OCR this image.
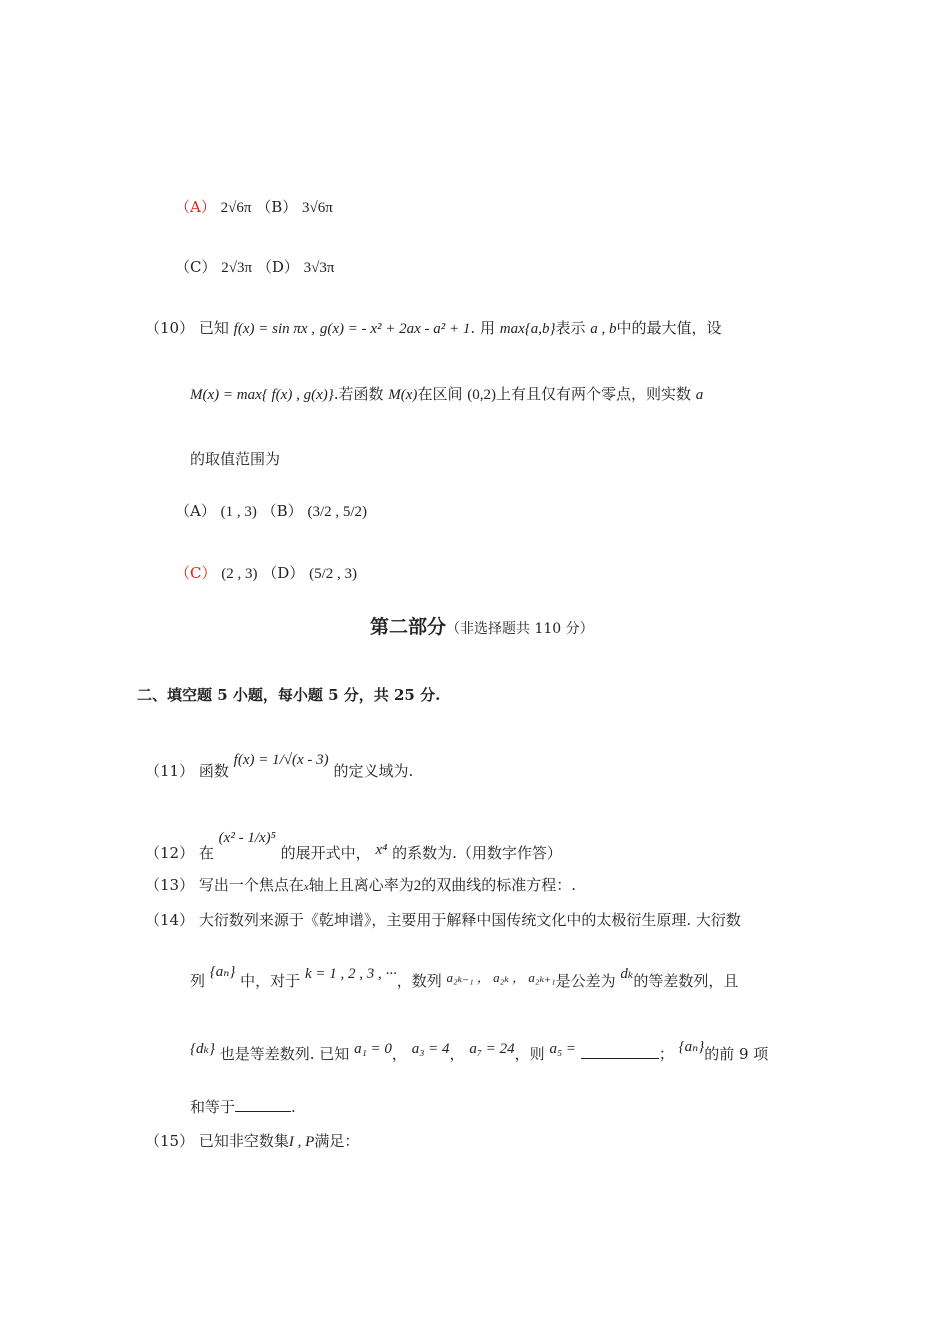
（A） 2√6π （B） 3√6π
（C） 2√3π （D） 3√3π
（10） 已知 f(x) = sin πx , g(x) = - x² + 2ax - a² + 1. 用 max{a,b}表示 a , b中的最大值，设
M(x) = max{ f(x) , g(x)}.若函数 M(x)在区间 (0,2)上有且仅有两个零点，则实数 a
的取值范围为
（A） (1 , 3) （B） (3/2 , 5/2)
（C） (2 , 3) （D） (5/2 , 3)
第二部分（非选择题共 110 分）
二、填空题 5 小题，每小题 5 分，共 25 分.
（11） 函数 f(x) = 1/√(x - 3) 的定义域为.
（12） 在 (x² - 1/x)⁵ 的展开式中， x⁴ 的系数为.（用数字作答）
（13） 写出一个焦点在x轴上且离心率为2的双曲线的标准方程：.
（14） 大衍数列来源于《乾坤谱》，主要用于解释中国传统文化中的太极衍生原理. 大衍数
列 {aₙ} 中，对于 k = 1 , 2 , 3 , ···，数列 a₂ₖ₋₁ ， a₂ₖ ， a₂ₖ₊₁是公差为 dₖ的等差数列，且
{dₖ} 也是等差数列. 已知 a₁ = 0， a₃ = 4， a₇ = 24，则 a₅ =	； {aₙ}的前 9 项
和等于	.
（15） 已知非空数集I , P满足：
